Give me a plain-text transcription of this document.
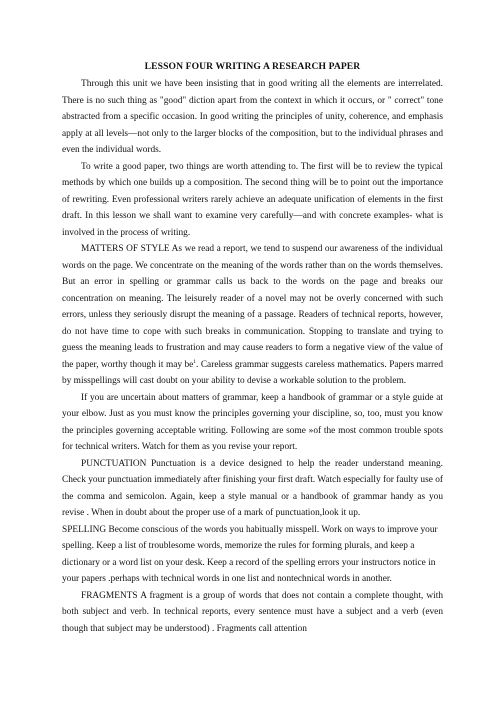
LESSON FOUR WRITING A RESEARCH PAPER

Through this unit we have been insisting that in good writing all the elements are interrelated. There is no such thing as "good" diction apart from the context in which it occurs, or " correct" tone abstracted from a specific occasion. In good writing the principles of unity, coherence, and emphasis apply at all levels—not only to the larger blocks of the composition, but to the individual phrases and even the individual words.

To write a good paper, two things are worth attending to. The first will be to review the typical methods by which one builds up a composition. The second thing will be to point out the importance of rewriting. Even professional writers rarely achieve an adequate unification of elements in the first draft. In this lesson we shall want to examine very carefully—and with concrete examples- what is involved in the process of writing.

MATTERS OF STYLE As we read a report, we tend to suspend our awareness of the individual words on the page. We concentrate on the meaning of the words rather than on the words themselves. But an error in spelling or grammar calls us back to the words on the page and breaks our concentration on meaning. The leisurely reader of a novel may not be overly concerned with such errors, unless they seriously disrupt the meaning of a passage. Readers of technical reports, however, do not have time to cope with such breaks in communication. Stopping to translate and trying to guess the meaning leads to frustration and may cause readers to form a negative view of the value of the paper, worthy though it may $be^1$. Careless grammar suggests careless mathematics. Papers marred by misspellings will cast doubt on your ability to devise a workable solution to the problem.

If you are uncertain about matters of grammar, keep a handbook of grammar or a style guide at your elbow. Just as you must know the principles governing your discipline, so, too, must you know the principles governing acceptable writing. Following are some »of the most common trouble spots for technical writers. Watch for them as you revise your report.

PUNCTUATION Punctuation is a device designed to help the reader understand meaning. Check your punctuation immediately after finishing your first draft. Watch especially for faulty use of the comma and semicolon. Again, keep a style manual or a handbook of grammar handy as you revise . When in doubt about the proper use of a mark of punctuation,look it up.

SPELLING Become conscious of the words you habitually misspell. Work on ways to improve your spelling. Keep a list of troublesome words, memorize the rules for forming plurals, and keep a dictionary or a word list on your desk. Keep a record of the spelling errors your instructors notice in your papers .perhaps with technical words in one list and nontechnical words in another.

FRAGMENTS A fragment is a group of words that does not contain a complete thought, with both subject and verb. In technical reports, every sentence must have a subject and a verb (even though that subject may be understood) . Fragments call attention
